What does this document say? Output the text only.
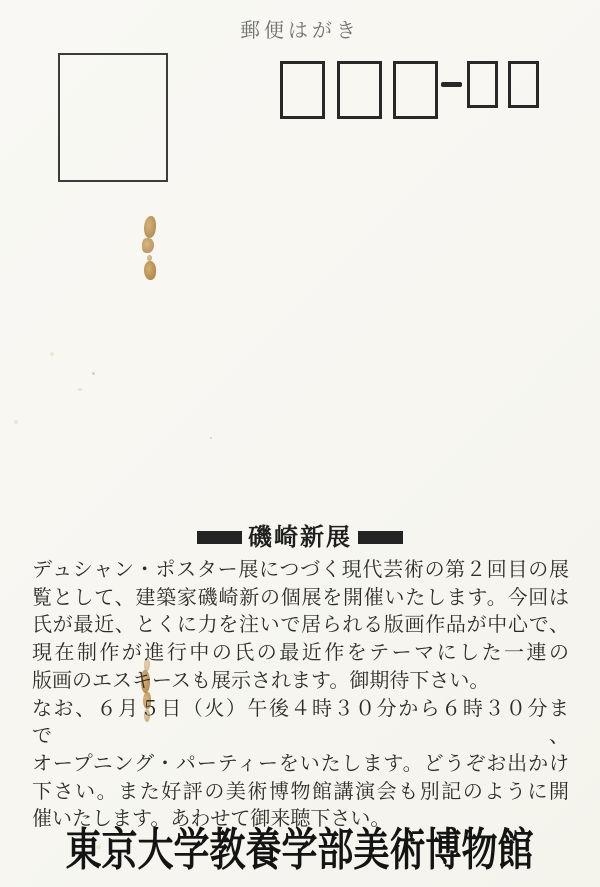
郵便はがき
磯崎新展
デュシャン・ポスター展につづく現代芸術の第２回目の展
覧として、建築家磯崎新の個展を開催いたします。今回は
氏が最近、とくに力を注いで居られる版画作品が中心で、
現在制作が進行中の氏の最近作をテーマにした一連の
版画のエスキースも展示されます。御期待下さい。
なお、６月５日（火）午後４時３０分から６時３０分まで、
オープニング・パーティーをいたします。どうぞお出かけ
下さい。また好評の美術博物館講演会も別記のように開
催いたします。あわせて御来聴下さい。
東京大学教養学部美術博物館
